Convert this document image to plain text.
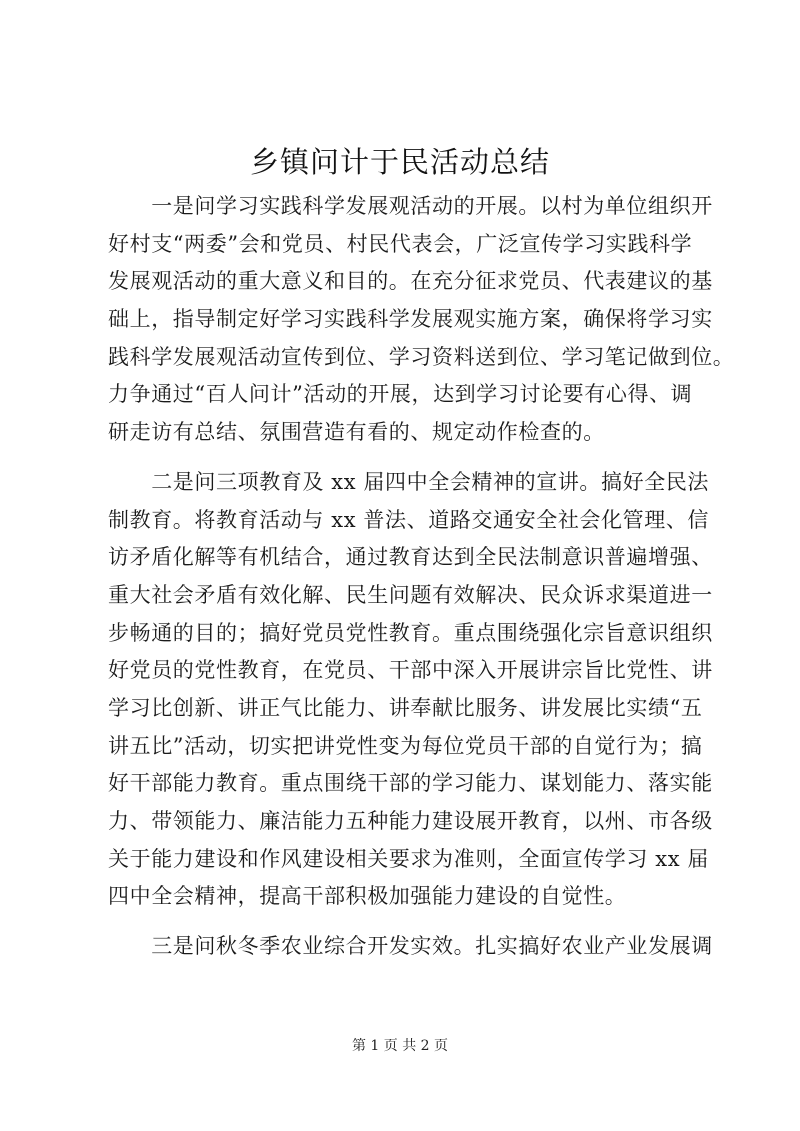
乡镇问计于民活动总结
　　一是问学习实践科学发展观活动的开展。以村为单位组织开
好村支“两委”会和党员、村民代表会，广泛宣传学习实践科学
发展观活动的重大意义和目的。在充分征求党员、代表建议的基
础上，指导制定好学习实践科学发展观实施方案，确保将学习实
践科学发展观活动宣传到位、学习资料送到位、学习笔记做到位。
力争通过“百人问计”活动的开展，达到学习讨论要有心得、调
研走访有总结、氛围营造有看的、规定动作检查的。
　　二是问三项教育及 xx 届四中全会精神的宣讲。搞好全民法
制教育。将教育活动与 xx 普法、道路交通安全社会化管理、信
访矛盾化解等有机结合，通过教育达到全民法制意识普遍增强、
重大社会矛盾有效化解、民生问题有效解决、民众诉求渠道进一
步畅通的目的；搞好党员党性教育。重点围绕强化宗旨意识组织
好党员的党性教育，在党员、干部中深入开展讲宗旨比党性、讲
学习比创新、讲正气比能力、讲奉献比服务、讲发展比实绩“五
讲五比”活动，切实把讲党性变为每位党员干部的自觉行为；搞
好干部能力教育。重点围绕干部的学习能力、谋划能力、落实能
力、带领能力、廉洁能力五种能力建设展开教育，以州、市各级
关于能力建设和作风建设相关要求为准则，全面宣传学习 xx 届
四中全会精神，提高干部积极加强能力建设的自觉性。
　　三是问秋冬季农业综合开发实效。扎实搞好农业产业发展调
第 1 页 共 2 页
